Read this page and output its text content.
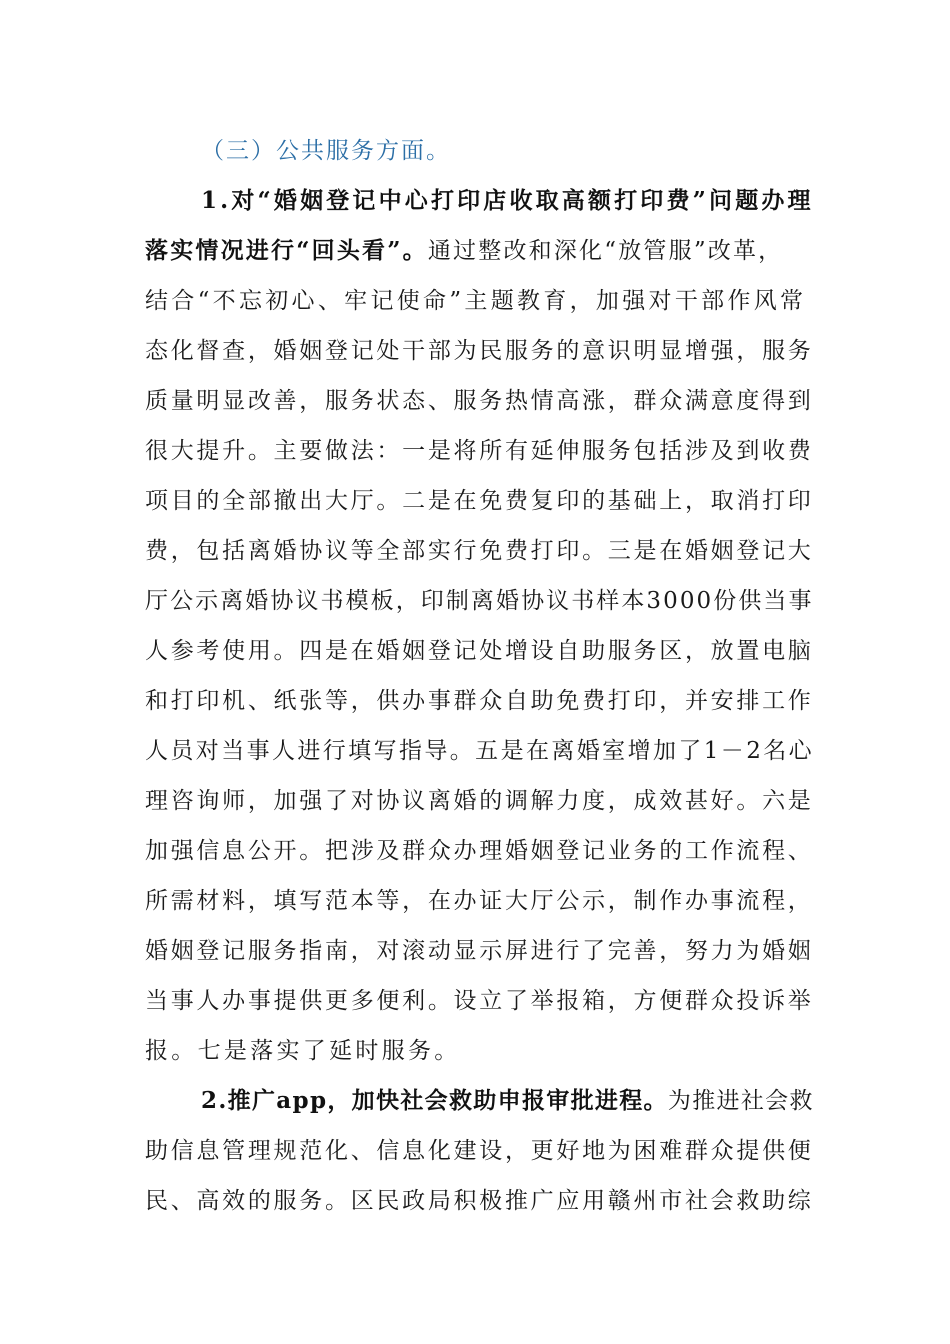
（三）公共服务方面。
1.对“婚姻登记中心打印店收取高额打印费”问题办理
落实情况进行“回头看”。通过整改和深化“放管服”改革，
结合“不忘初心、牢记使命”主题教育，加强对干部作风常
态化督查，婚姻登记处干部为民服务的意识明显增强，服务
质量明显改善，服务状态、服务热情高涨，群众满意度得到
很大提升。主要做法：一是将所有延伸服务包括涉及到收费
项目的全部撤出大厅。二是在免费复印的基础上，取消打印
费，包括离婚协议等全部实行免费打印。三是在婚姻登记大
厅公示离婚协议书模板，印制离婚协议书样本3000份供当事
人参考使用。四是在婚姻登记处增设自助服务区，放置电脑
和打印机、纸张等，供办事群众自助免费打印，并安排工作
人员对当事人进行填写指导。五是在离婚室增加了1－2名心
理咨询师，加强了对协议离婚的调解力度，成效甚好。六是
加强信息公开。把涉及群众办理婚姻登记业务的工作流程、
所需材料，填写范本等，在办证大厅公示，制作办事流程，
婚姻登记服务指南，对滚动显示屏进行了完善，努力为婚姻
当事人办事提供更多便利。设立了举报箱，方便群众投诉举
报。七是落实了延时服务。
2.推广app，加快社会救助申报审批进程。为推进社会救
助信息管理规范化、信息化建设，更好地为困难群众提供便
民、高效的服务。区民政局积极推广应用赣州市社会救助综
